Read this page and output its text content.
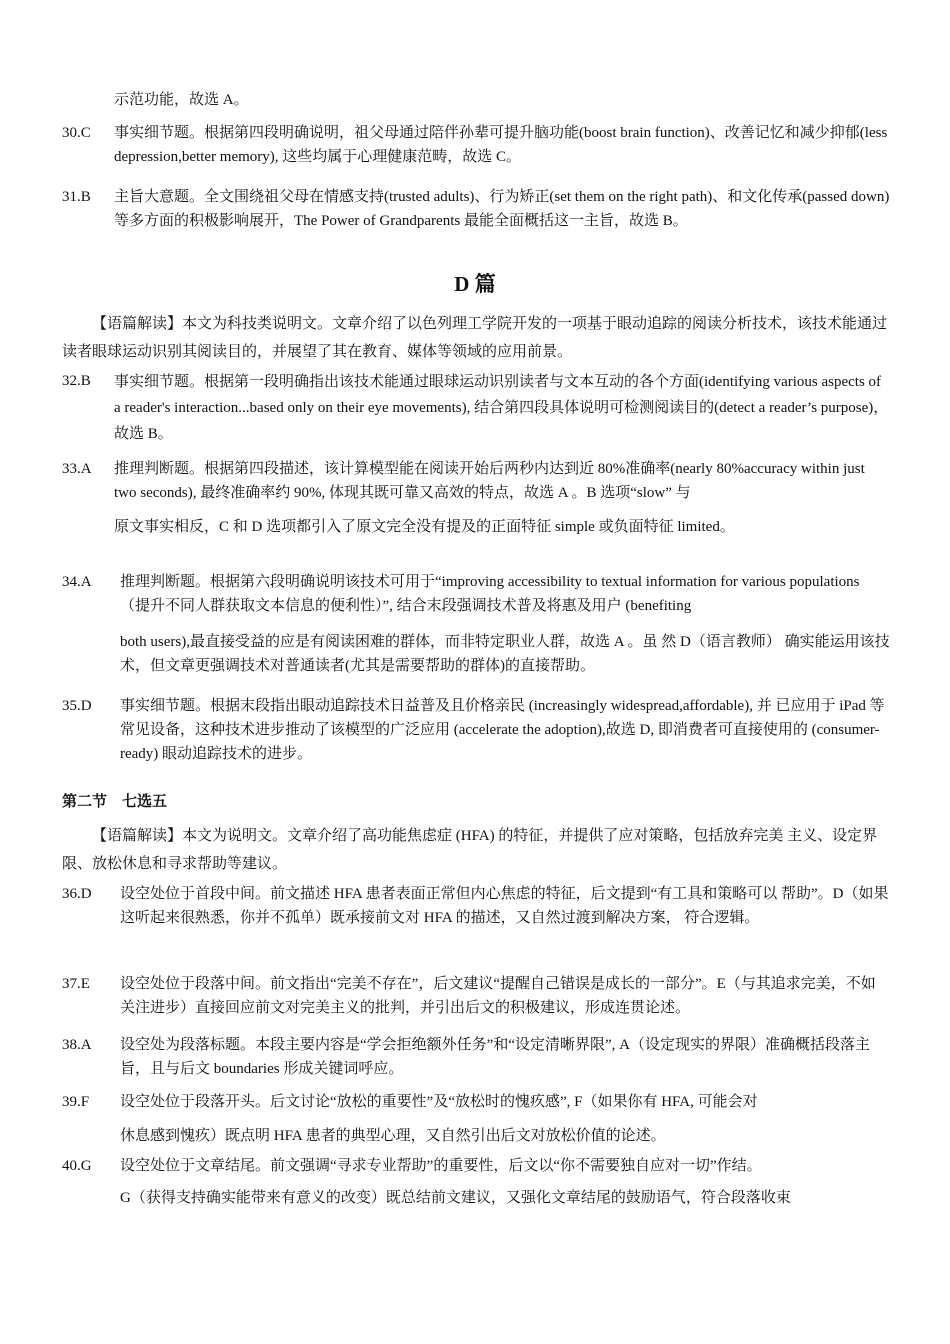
示范功能，故选 A。
30.C 事实细节题。根据第四段明确说明，祖父母通过陪伴孙辈可提升脑功能(boost brain function)、改善记忆和减少抑郁(less depression,better memory), 这些均属于心理健康范畴，故选 C。
31.B 主旨大意题。全文围绕祖父母在情感支持(trusted adults)、行为矫正(set them on the right path)、和文化传承(passed down)等多方面的积极影响展开，The Power of Grandparents 最能全面概括这一主旨，故选 B。
D 篇
【语篇解读】本文为科技类说明文。文章介绍了以色列理工学院开发的一项基于眼动追踪的阅读分析技术，该技术能通过读者眼球运动识别其阅读目的，并展望了其在教育、媒体等领域的应用前景。
32.B 事实细节题。根据第一段明确指出该技术能通过眼球运动识别读者与文本互动的各个方面(identifying various aspects of a reader's interaction...based only on their eye movements), 结合第四段具体说明可检测阅读目的(detect a reader’s purpose)， 故选 B。
33.A 推理判断题。根据第四段描述，该计算模型能在阅读开始后两秒内达到近 80%准确率(nearly 80%accuracy within just two seconds), 最终准确率约 90%, 体现其既可靠又高效的特点，故选 A 。B 选项“slow” 与
原文事实相反，C 和 D 选项都引入了原文完全没有提及的正面特征 simple 或负面特征 limited。
34.A 推理判断题。根据第六段明确说明该技术可用于“improving accessibility to textual information for various populations （提升不同人群获取文本信息的便利性）”, 结合末段强调技术普及将惠及用户 (benefiting
both users),最直接受益的应是有阅读困难的群体，而非特定职业人群，故选 A 。虽 然 D（语言教师） 确实能运用该技术，但文章更强调技术对普通读者(尤其是需要帮助的群体)的直接帮助。
35.D 事实细节题。根据末段指出眼动追踪技术日益普及且价格亲民 (increasingly widespread,affordable), 并 已应用于 iPad 等常见设备，这种技术进步推动了该模型的广泛应用 (accelerate the adoption),故选 D, 即消费者可直接使用的 (consumer-ready) 眼动追踪技术的进步。
第二节　七选五
【语篇解读】本文为说明文。文章介绍了高功能焦虑症 (HFA) 的特征，并提供了应对策略，包括放弃完美 主义、设定界限、放松休息和寻求帮助等建议。
36.D 设空处位于首段中间。前文描述 HFA 患者表面正常但内心焦虑的特征，后文提到“有工具和策略可以 帮助”。D（如果这听起来很熟悉，你并不孤单）既承接前文对 HFA 的描述，又自然过渡到解决方案， 符合逻辑。
37.E 设空处位于段落中间。前文指出“完美不存在”，后文建议“提醒自己错误是成长的一部分”。E（与其追求完美，不如关注进步）直接回应前文对完美主义的批判，并引出后文的积极建议，形成连贯论述。
38.A 设空处为段落标题。本段主要内容是“学会拒绝额外任务”和“设定清晰界限”, A（设定现实的界限）准确概括段落主旨，且与后文 boundaries 形成关键词呼应。
39.F 设空处位于段落开头。后文讨论“放松的重要性”及“放松时的愧疚感”, F（如果你有 HFA, 可能会对
休息感到愧疚）既点明 HFA 患者的典型心理，又自然引出后文对放松价值的论述。
40.G 设空处位于文章结尾。前文强调“寻求专业帮助”的重要性，后文以“你不需要独自应对一切”作结。
G（获得支持确实能带来有意义的改变）既总结前文建议，又强化文章结尾的鼓励语气，符合段落收束
